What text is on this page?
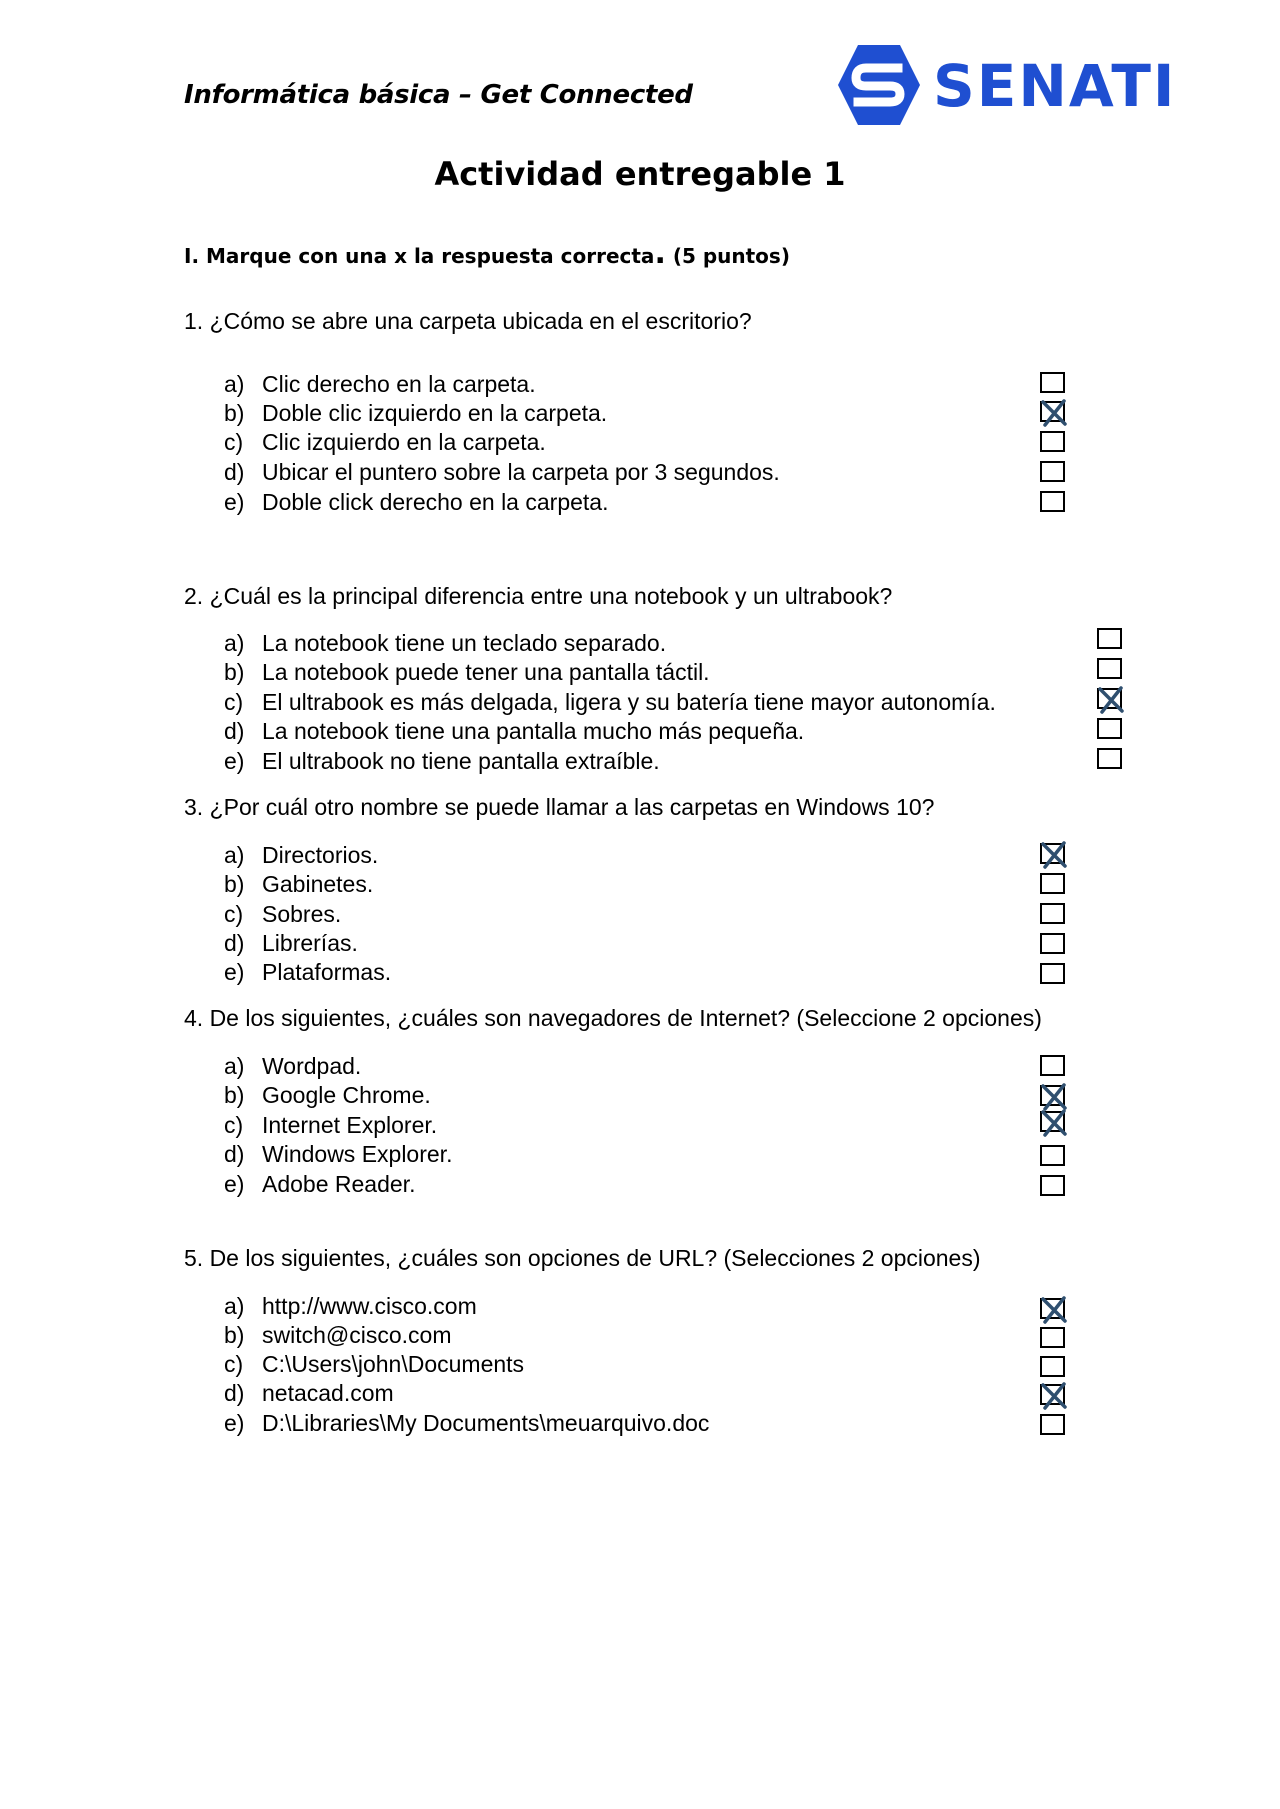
Informática básica – Get Connected	SENATI
Actividad entregable 1
I. Marque con una x la respuesta correcta. (5 puntos)
1. ¿Cómo se abre una carpeta ubicada en el escritorio?
a) Clic derecho en la carpeta.
b) Doble clic izquierdo en la carpeta.
c) Clic izquierdo en la carpeta.
d) Ubicar el puntero sobre la carpeta por 3 segundos.
e) Doble click derecho en la carpeta.
2. ¿Cuál es la principal diferencia entre una notebook y un ultrabook?
a) La notebook tiene un teclado separado.
b) La notebook puede tener una pantalla táctil.
c) El ultrabook es más delgada, ligera y su batería tiene mayor autonomía.
d) La notebook tiene una pantalla mucho más pequeña.
e) El ultrabook no tiene pantalla extraíble.
3. ¿Por cuál otro nombre se puede llamar a las carpetas en Windows 10?
a) Directorios.
b) Gabinetes.
c) Sobres.
d) Librerías.
e) Plataformas.
4. De los siguientes, ¿cuáles son navegadores de Internet? (Seleccione 2 opciones)
a) Wordpad.
b) Google Chrome.
c) Internet Explorer.
d) Windows Explorer.
e) Adobe Reader.
5. De los siguientes, ¿cuáles son opciones de URL? (Selecciones 2 opciones)
a) http://www.cisco.com
b) switch@cisco.com
c) C:\Users\john\Documents
d) netacad.com
e) D:\Libraries\My Documents\meuarquivo.doc
